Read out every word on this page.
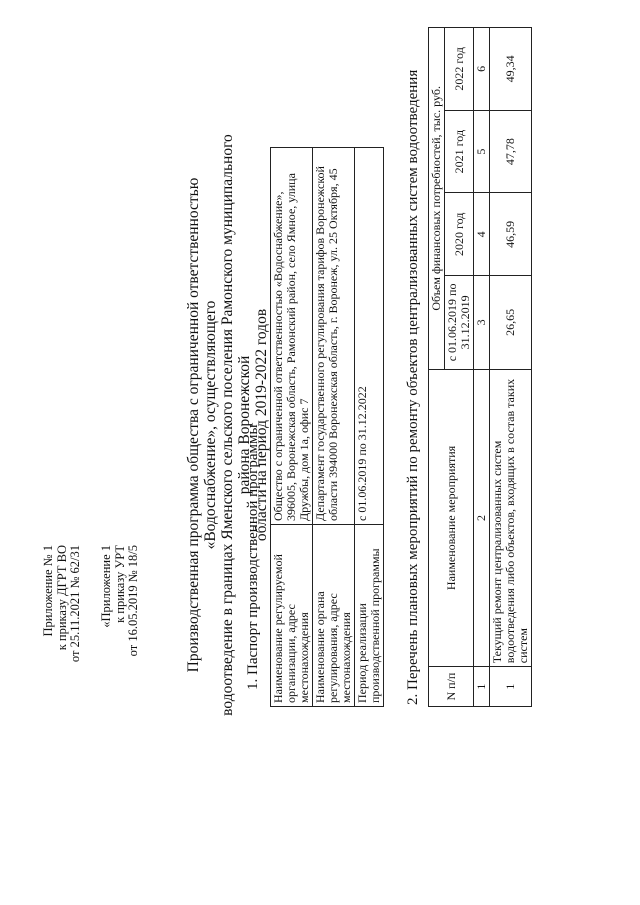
Приложение № 1 к приказу ДГРТ ВО от 25.11.2021 № 62/31 «Приложение 1 к приказу УРТ от 16.05.2019 № 18/5	Производственная программа общества с ограниченной ответственностью «Водоснабжение», осуществляющего водоотведение в границах Яменского сельского поселения Рамонского муниципального района Воронежской области на период 2019-2022 годов
1. Паспорт производственной программы Наименование регулируемой организации, адрес местонахождения	Общество с ограниченной ответственностью «Водоснабжение», 396005, Воронежская область, Рамонский район, село Ямное, улица Дружбы, дом 1а, офис 7
Наименование органа регулирования, адрес местонахождения	Департамент государственного регулирования тарифов Воронежской области 394000 Воронежская область, г. Воронеж, ул. 25 Октября, 45
Период реализации производственной программы	с 01.06.2019 по 31.12.2022 2. Перечень плановых мероприятий по ремонту объектов централизованных систем водоотведения N п/п	Наименование мероприятия	Объем финансовых потребностей, тыс. руб.			
		с 01.06.2019 по 31.12.2019	2020 год	2021 год	2022 год
1	2	3	4	5	6
1	Текущий ремонт централизованных систем водоотведения либо объектов, входящих в состав таких систем	26,65	46,59	47,78	49,34
